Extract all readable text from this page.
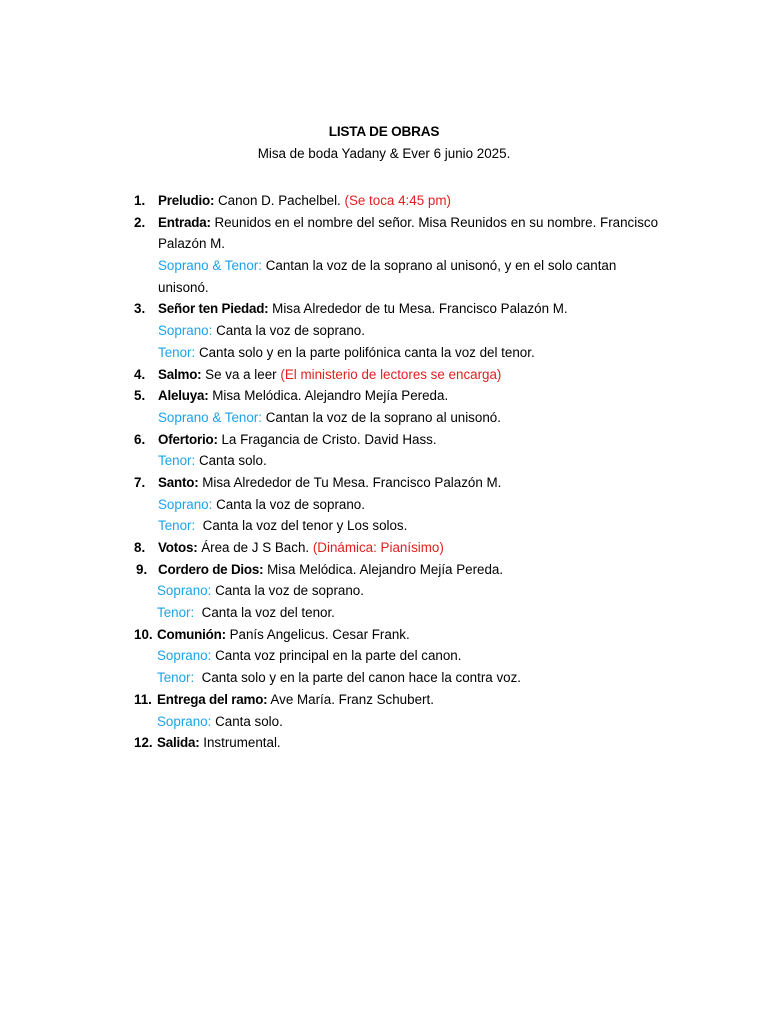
LISTA DE OBRAS
Misa de boda Yadany & Ever 6 junio 2025.
1. Preludio: Canon D. Pachelbel. (Se toca 4:45 pm)
2. Entrada: Reunidos en el nombre del señor. Misa Reunidos en su nombre. Francisco
Palazón M.
Soprano & Tenor: Cantan la voz de la soprano al unisonó, y en el solo cantan
unisonó.
3. Señor ten Piedad: Misa Alrededor de tu Mesa. Francisco Palazón M.
Soprano: Canta la voz de soprano.
Tenor: Canta solo y en la parte polifónica canta la voz del tenor.
4. Salmo: Se va a leer (El ministerio de lectores se encarga)
5. Aleluya: Misa Melódica. Alejandro Mejía Pereda.
Soprano & Tenor: Cantan la voz de la soprano al unisonó.
6. Ofertorio: La Fragancia de Cristo. David Hass.
Tenor: Canta solo.
7. Santo: Misa Alrededor de Tu Mesa. Francisco Palazón M.
Soprano: Canta la voz de soprano.
Tenor:  Canta la voz del tenor y Los solos.
8. Votos: Área de J S Bach. (Dinámica: Pianísimo)
9. Cordero de Dios: Misa Melódica. Alejandro Mejía Pereda.
Soprano: Canta la voz de soprano.
Tenor:  Canta la voz del tenor.
10. Comunión: Panís Angelicus. Cesar Frank.
Soprano: Canta voz principal en la parte del canon.
Tenor:  Canta solo y en la parte del canon hace la contra voz.
11. Entrega del ramo: Ave María. Franz Schubert.
Soprano: Canta solo.
12. Salida: Instrumental.
